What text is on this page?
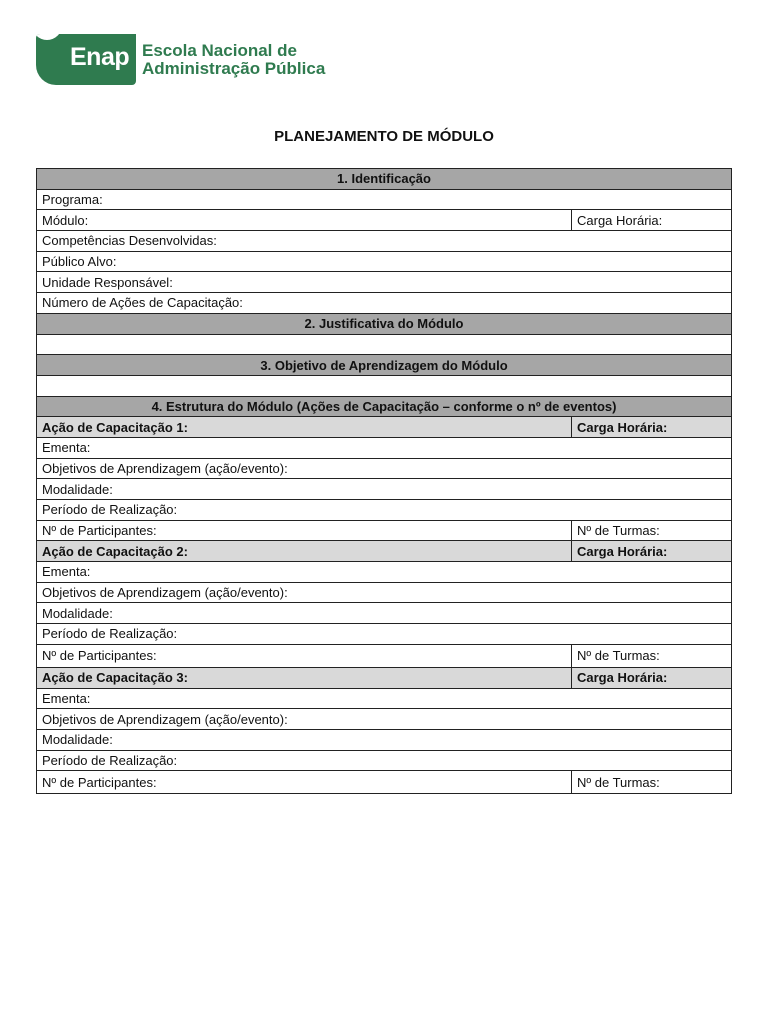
Enap Escola Nacional de
Administração Pública
PLANEJAMENTO DE MÓDULO
1. Identificação	
Programa:	
Módulo:	Carga Horária:
Competências Desenvolvidas:	
Público Alvo:	
Unidade Responsável:	
Número de Ações de Capacitação:	
2. Justificativa do Módulo	

3. Objetivo de Aprendizagem do Módulo	

4. Estrutura do Módulo (Ações de Capacitação – conforme o nº de eventos)	
Ação de Capacitação 1:	Carga Horária:
Ementa:	
Objetivos de Aprendizagem (ação/evento):	
Modalidade:	
Período de Realização:	
Nº de Participantes:	Nº de Turmas:
Ação de Capacitação 2:	Carga Horária:
Ementa:	
Objetivos de Aprendizagem (ação/evento):	
Modalidade:	
Período de Realização:	
Nº de Participantes:	Nº de Turmas:
Ação de Capacitação 3:	Carga Horária:
Ementa:	
Objetivos de Aprendizagem (ação/evento):	
Modalidade:	
Período de Realização:	
Nº de Participantes:	Nº de Turmas:
